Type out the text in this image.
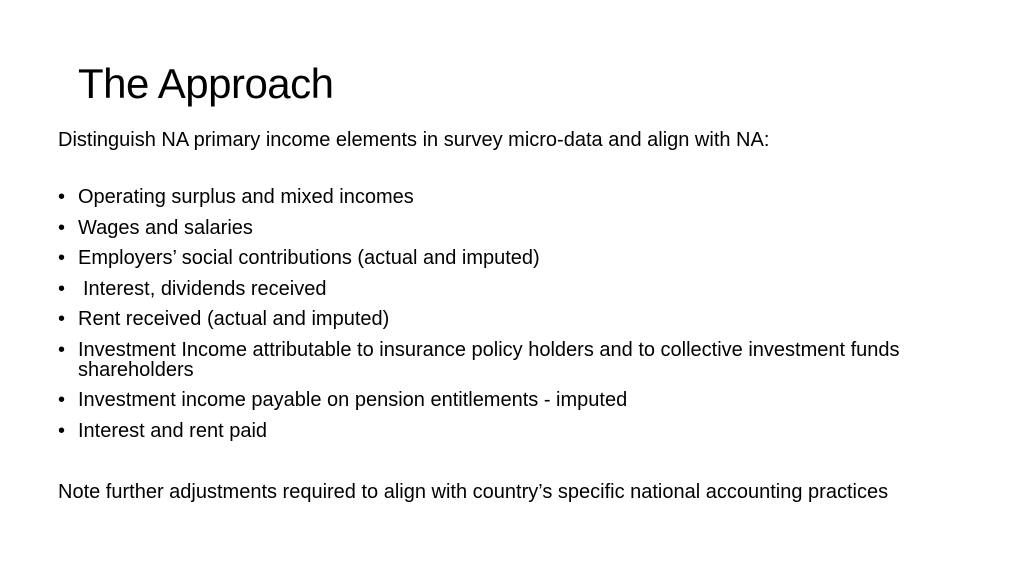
The Approach
Distinguish NA primary income elements in survey micro-data and align with NA:
• Operating surplus and mixed incomes
• Wages and salaries
• Employers’ social contributions (actual and imputed)
• Interest, dividends received
• Rent received (actual and imputed)
• Investment Income attributable to insurance policy holders and to collective investment funds shareholders
• Investment income payable on pension entitlements - imputed
• Interest and rent paid
Note further adjustments required to align with country’s specific national accounting practices
